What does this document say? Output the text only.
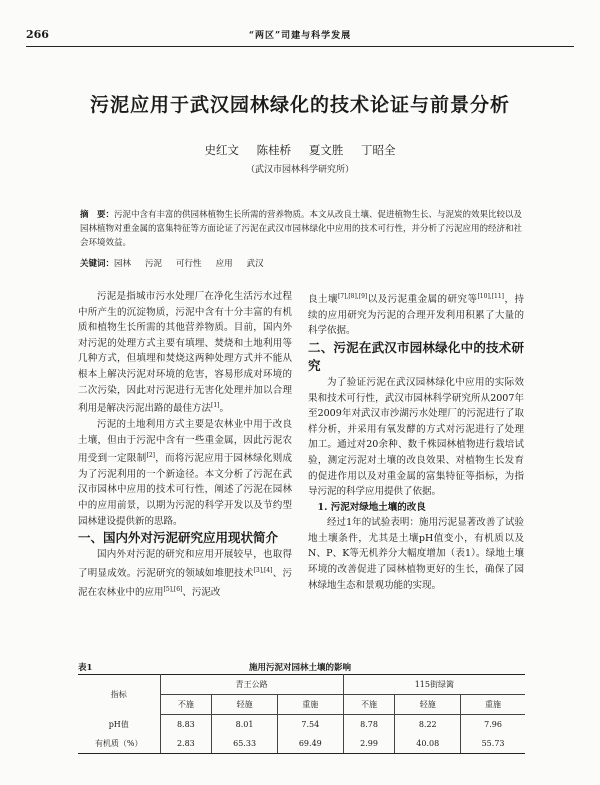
266	“两区”司建与科学发展
污泥应用于武汉园林绿化的技术论证与前景分析
史红文 陈桂桥 夏文胜 丁昭全
（武汉市园林科学研究所）
摘　要：污泥中含有丰富的供园林植物生长所需的营养物质。本文从改良土壤、促进植物生长、与泥炭的效果比较以及园林植物对重金属的富集特征等方面论证了污泥在武汉市园林绿化中应用的技术可行性，并分析了污泥应用的经济和社会环境效益。
关键词：园林 污泥 可行性 应用 武汉

污泥是指城市污水处理厂在净化生活污水过程中所产生的沉淀物质，污泥中含有十分丰富的有机质和植物生长所需的其他营养物质。目前，国内外对污泥的处理方式主要有填埋、焚烧和土地利用等几种方式，但填埋和焚烧这两种处理方式并不能从根本上解决污泥对环境的危害，容易形成对环境的二次污染，因此对污泥进行无害化处理并加以合理利用是解决污泥出路的最佳方法[1]。

污泥的土地利用方式主要是农林业中用于改良土壤，但由于污泥中含有一些重金属，因此污泥农用受到一定限制[2]，而将污泥应用于园林绿化则成为了污泥利用的一个新途径。本文分析了污泥在武汉市园林中应用的技术可行性，阐述了污泥在园林中的应用前景，以期为污泥的科学开发以及节约型园林建设提供新的思路。

一、国内外对污泥研究应用现状简介

国内外对污泥的研究和应用开展较早，也取得了明显成效。污泥研究的领域如堆肥技术[3],[4]、污泥在农林业中的应用[5],[6]、污泥改

良土壤[7],[8],[9]以及污泥重金属的研究等[10],[11]，持续的应用研究为污泥的合理开发利用积累了大量的科学依据。

二、污泥在武汉市园林绿化中的技术研究

为了验证污泥在武汉园林绿化中应用的实际效果和技术可行性，武汉市园林科学研究所从2007年至2009年对武汉市沙湖污水处理厂的污泥进行了取样分析，并采用有氧发酵的方式对污泥进行了处理加工。通过对20余种、数千株园林植物进行栽培试验，测定污泥对土壤的改良效果、对植物生长发育的促进作用以及对重金属的富集特征等指标，为指导污泥的科学应用提供了依据。

1. 污泥对绿地土壤的改良

经过1年的试验表明：施用污泥显著改善了试验地土壤条件，尤其是土壤pH值变小，有机质以及N、P、K等无机养分大幅度增加（表1）。绿地土壤环境的改善促进了园林植物更好的生长，确保了园林绿地生态和景观功能的实现。

表1	施用污泥对园林土壤的影响
指标	青王公路			115街绿篱		
	不施	轻施	重施	不施	轻施	重施
pH值	8.83	8.01	7.54	8.78	8.22	7.96
有机质（%）	2.83	65.33	69.49	2.99	40.08	55.73
